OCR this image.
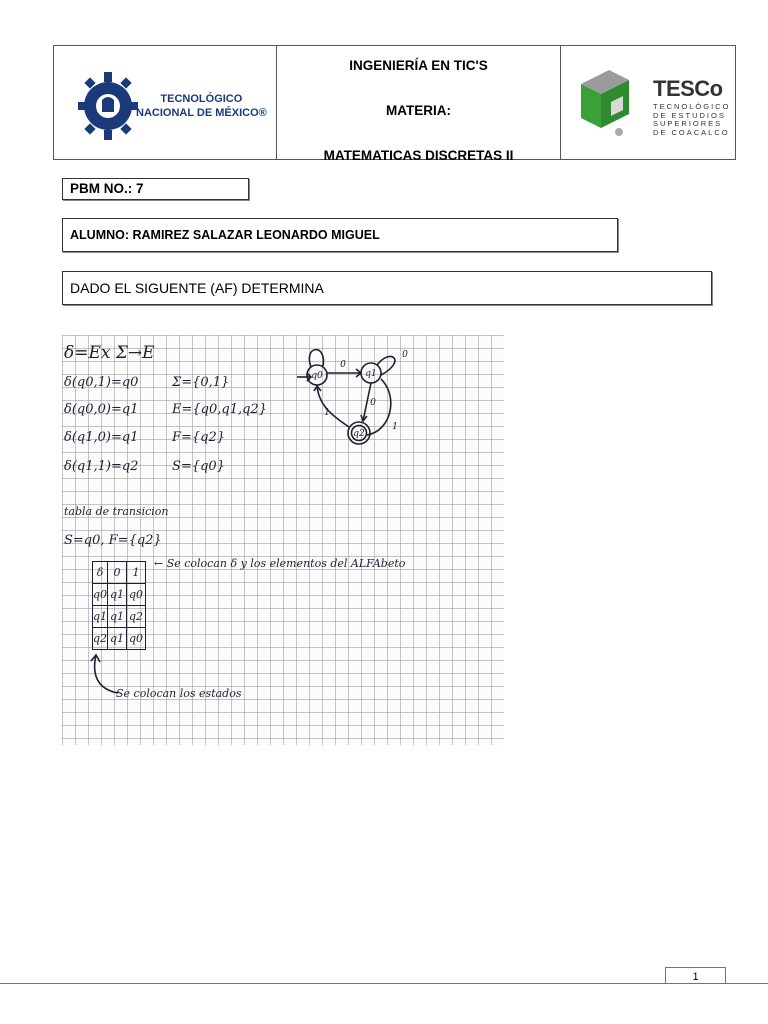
TECNOLÓGICO
NACIONAL DE MÉXICO®
INGENIERÍA EN TIC'S
MATERIA:
MATEMATICAS DISCRETAS II
TESCo
TECNOLÓGICO
DE ESTUDIOS
SUPERIORES
DE COACALCO
PBM NO.: 7
ALUMNO: RAMIREZ SALAZAR LEONARDO MIGUEL
DADO EL SIGUENTE (AF) DETERMINA
δ=Ex Σ→E
δ(q0,1)=q0	Σ={0,1}
δ(q0,0)=q1	E={q0,q1,q2}
δ(q1,0)=q1	F={q2}
δ(q1,1)=q2	S={q0}
tabla de transicion
S=q0, F={q2}
← Se colocan δ y los elementos del ALFAbeto
Se colocan los estados
δ	0	1
q0	q1	q0
q1	q1	q2
q2	q1	q0
q0	q1
q2
0
0
0
1
1
1
